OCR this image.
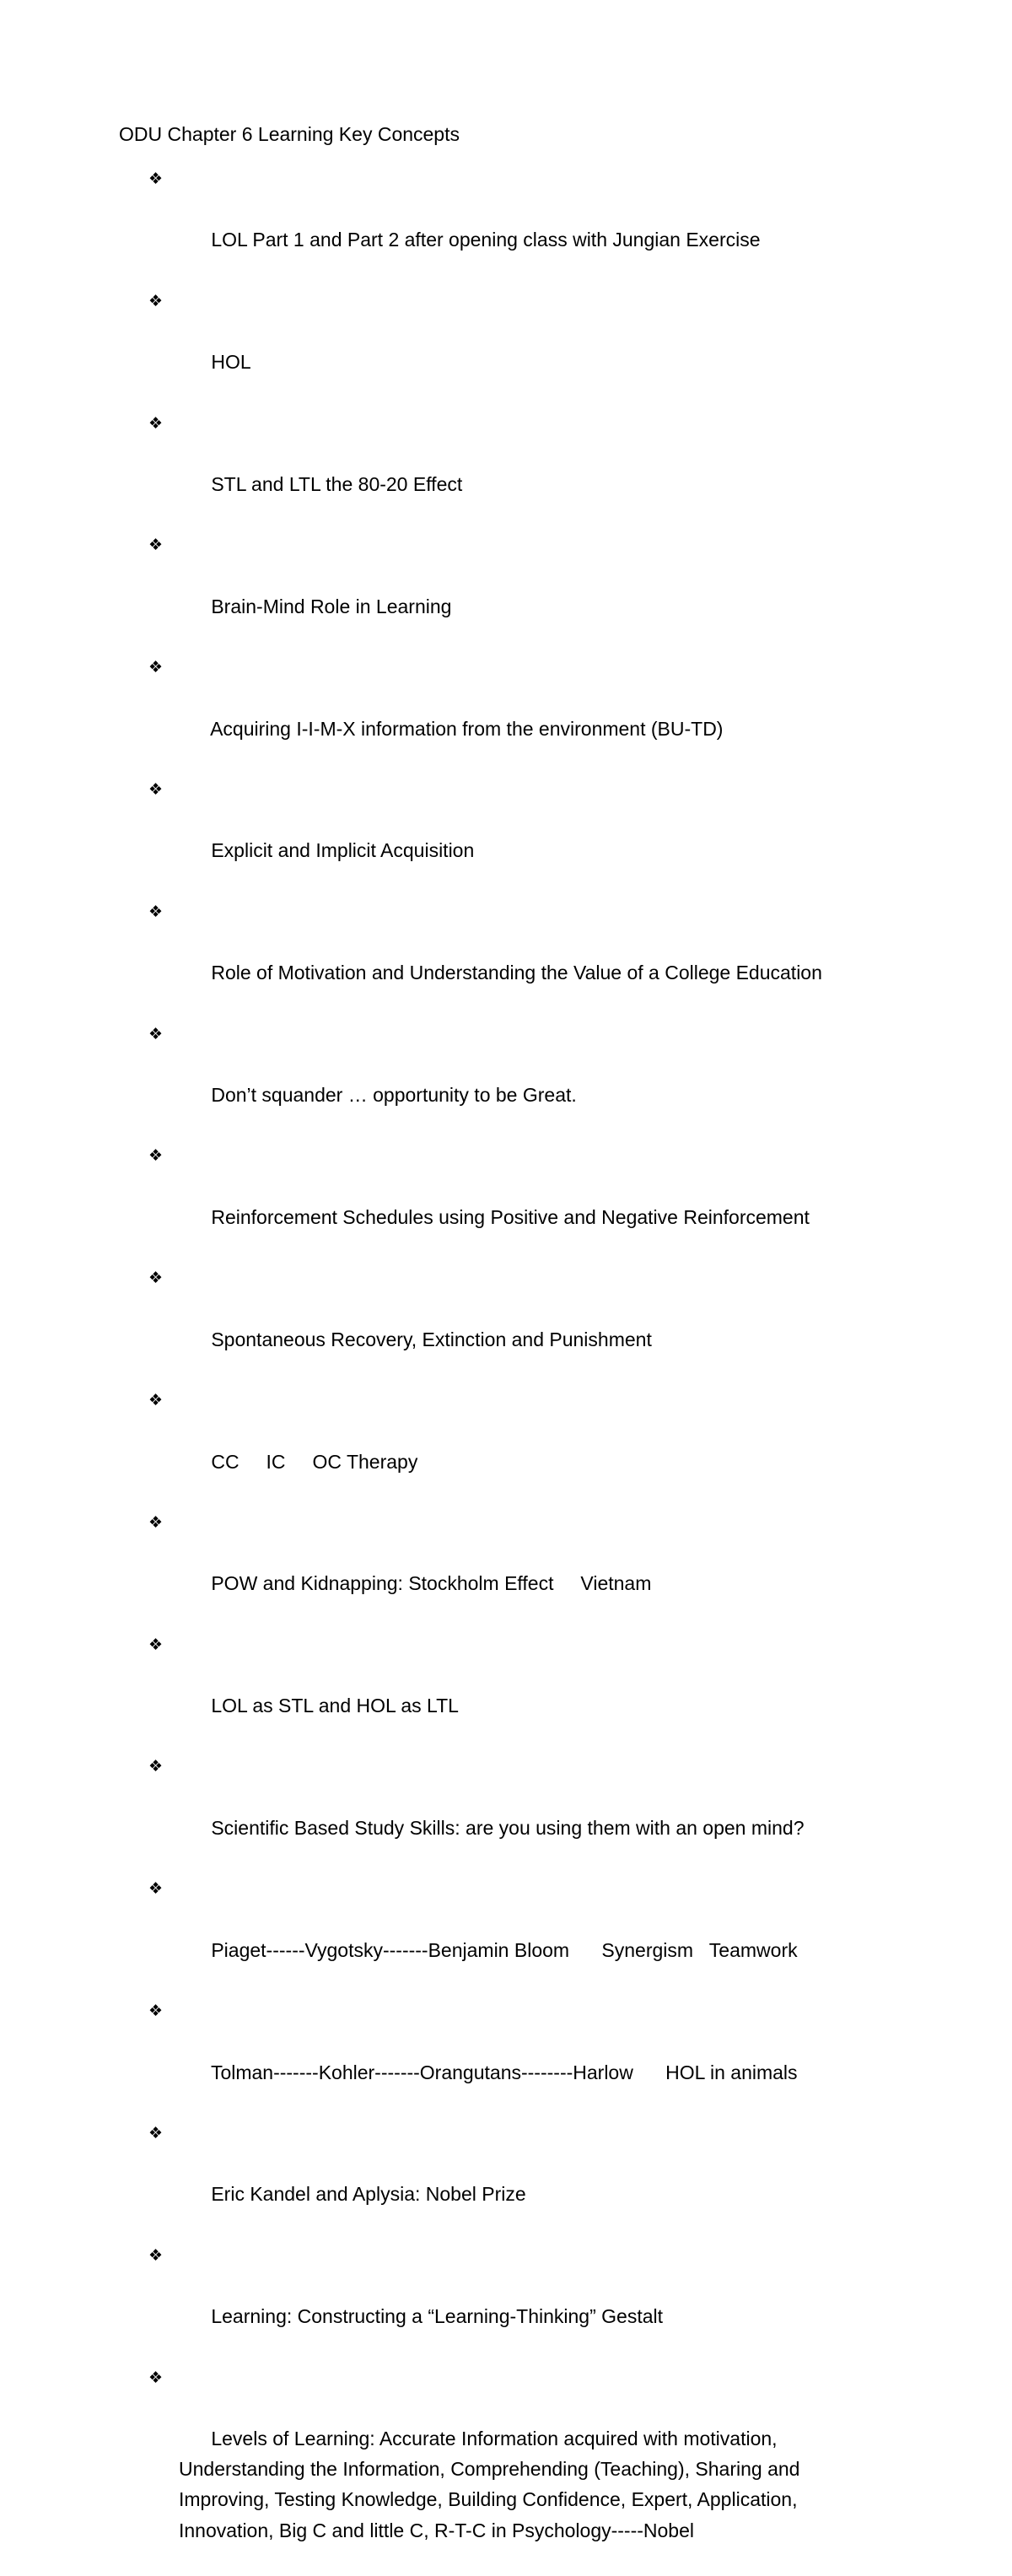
ODU Chapter 6 Learning Key Concepts

❖

LOL Part 1 and Part 2 after opening class with Jungian Exercise

❖

HOL

❖

STL and LTL the 80-20 Effect

❖

Brain-Mind Role in Learning

❖

Acquiring I-I-M-X information from the environment (BU-TD)

❖

Explicit and Implicit Acquisition

❖

Role of Motivation and Understanding the Value of a College Education

❖

Don’t squander … opportunity to be Great.

❖

Reinforcement Schedules using Positive and Negative Reinforcement

❖

Spontaneous Recovery, Extinction and Punishment

❖

CC     IC     OC Therapy

❖

POW and Kidnapping: Stockholm Effect     Vietnam

❖

LOL as STL and HOL as LTL

❖

Scientific Based Study Skills: are you using them with an open mind?

❖

Piaget------Vygotsky-------Benjamin Bloom      Synergism   Teamwork

❖

Tolman-------Kohler-------Orangutans--------Harlow      HOL in animals

❖

Eric Kandel and Aplysia: Nobel Prize

❖

Learning: Constructing a “Learning-Thinking” Gestalt

❖

Levels of Learning: Accurate Information acquired with motivation,
Understanding the Information, Comprehending (Teaching), Sharing and
Improving, Testing Knowledge, Building Confidence, Expert, Application,
Innovation, Big C and little C, R-T-C in Psychology-----Nobel
